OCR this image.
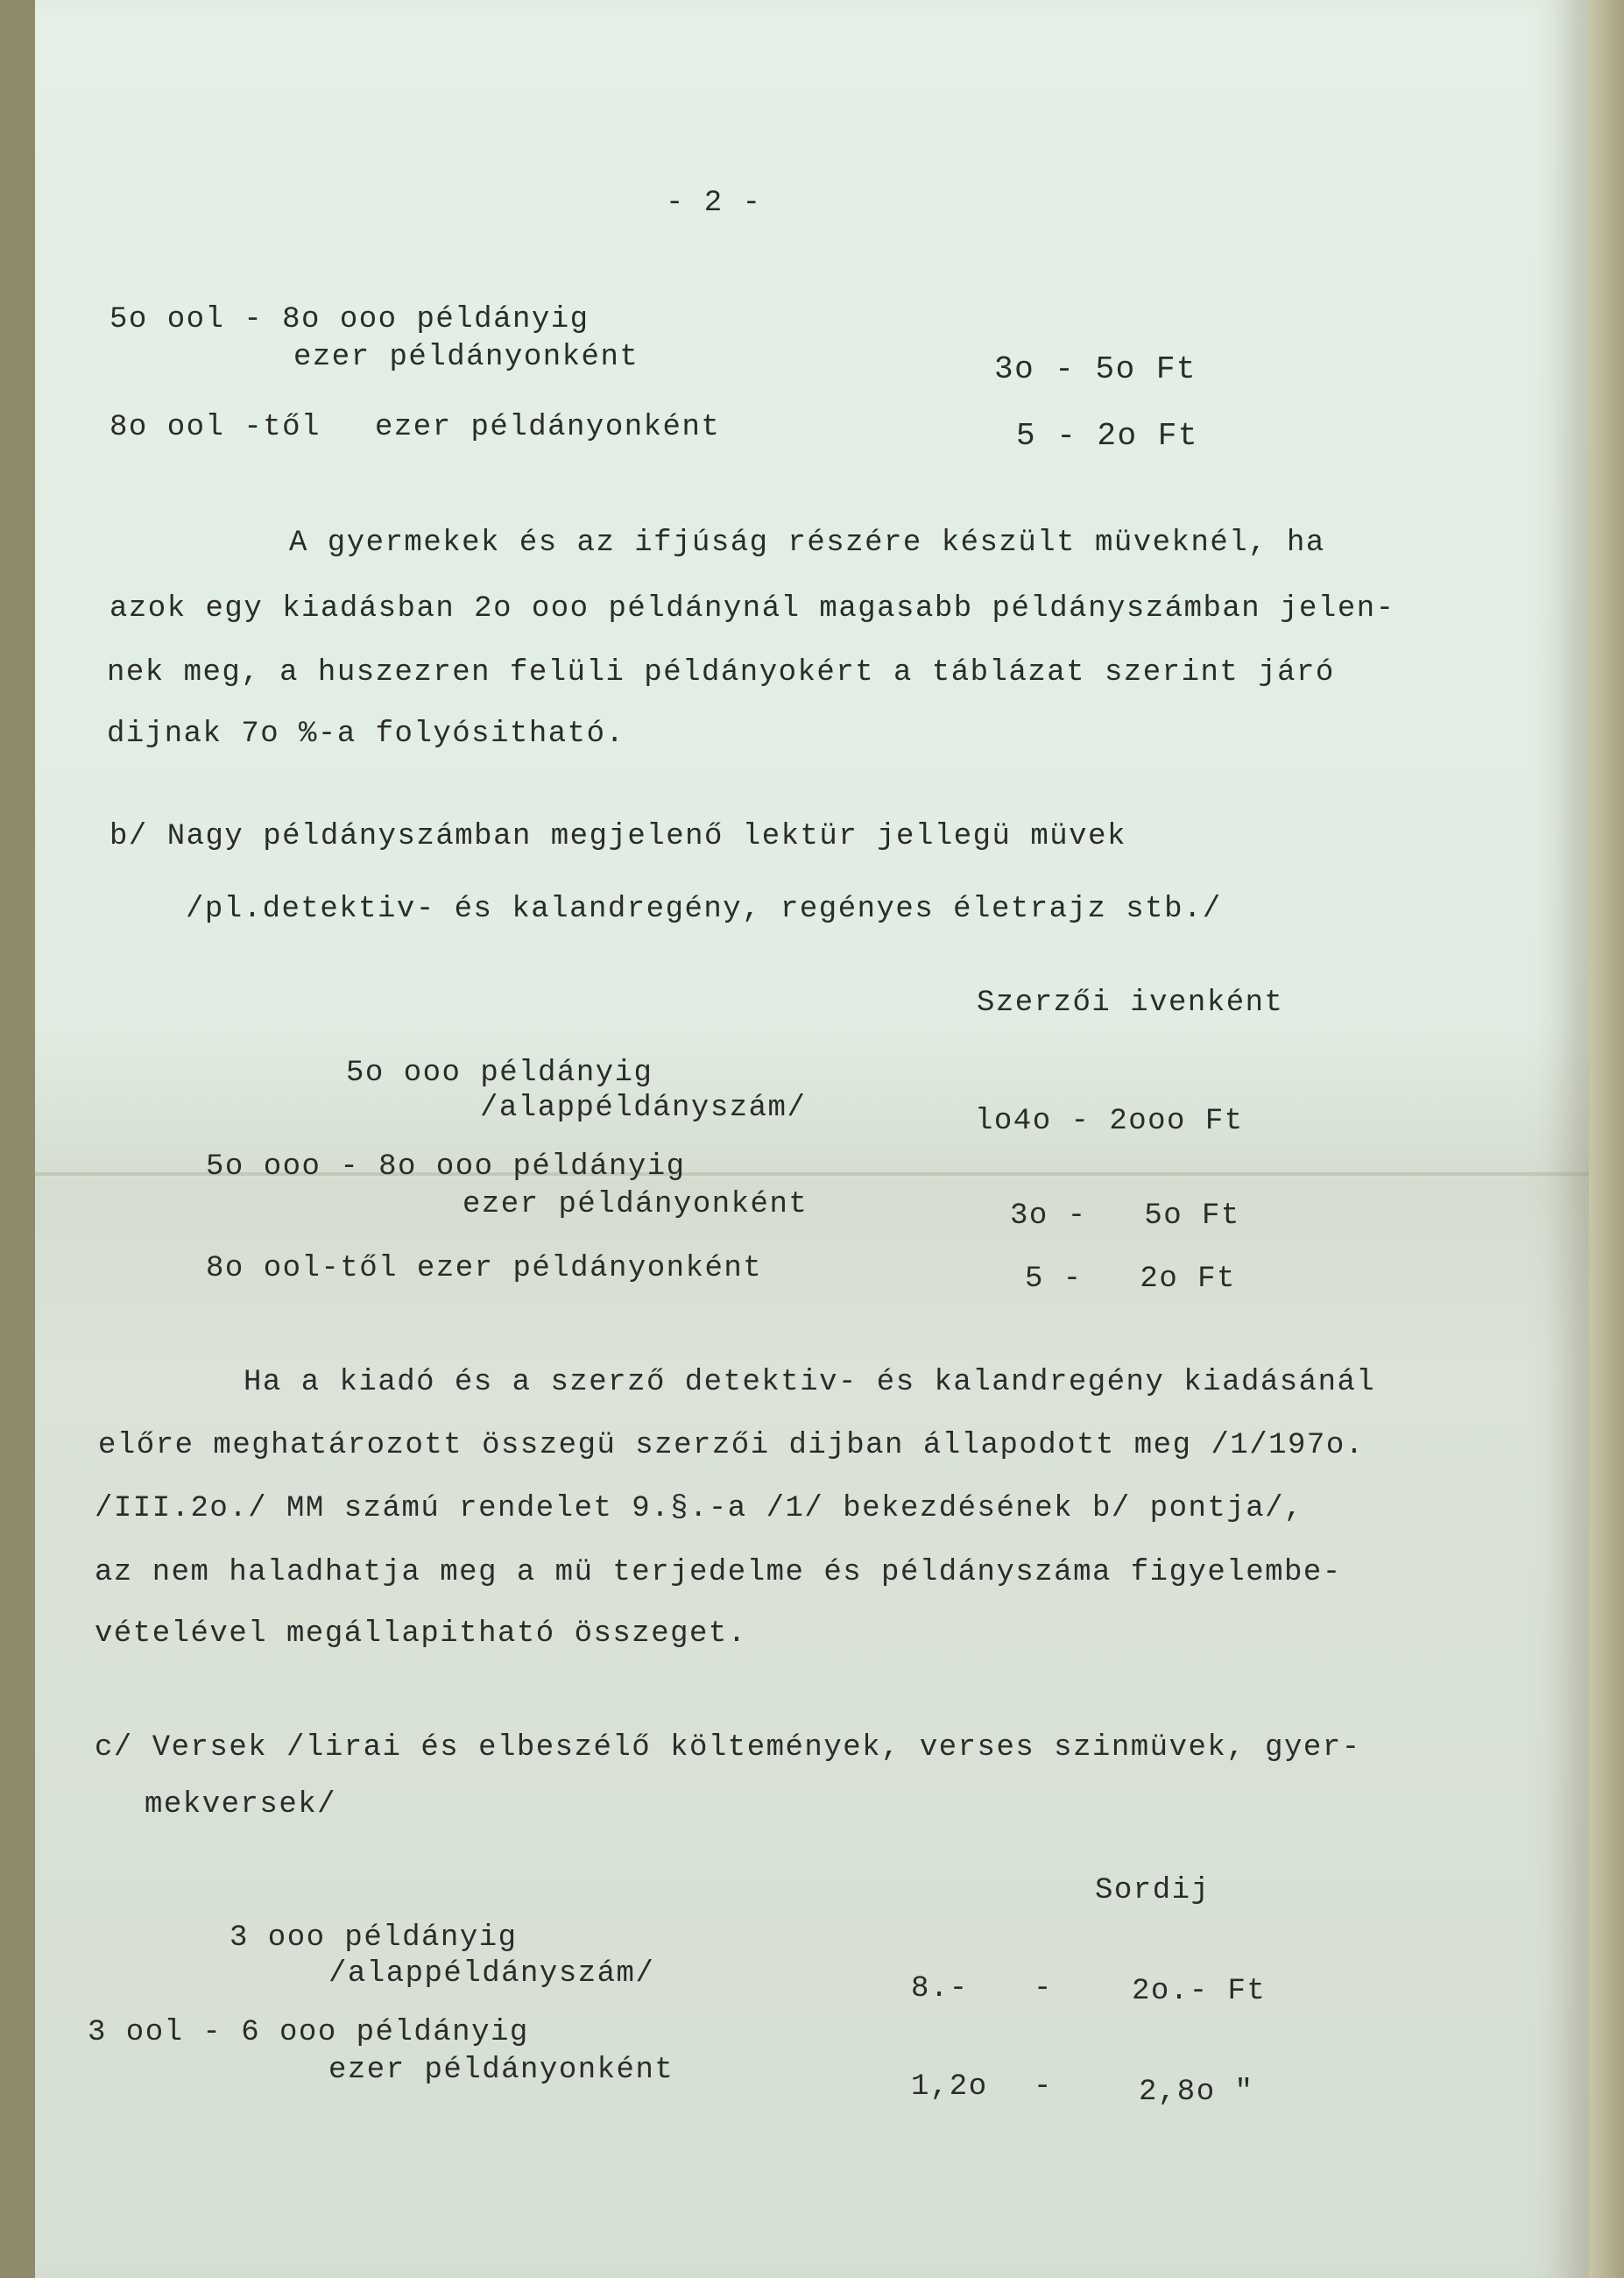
- 2 -
5o ool - 8o ooo példányig
ezer példányonként	3o - 5o Ft
8o ool -től ezer példányonként	5 - 2o Ft
A gyermekek és az ifjúság részére készült müveknél, ha
azok egy kiadásban 2o ooo példánynál magasabb példányszámban jelen-
nek meg, a huszezren felüli példányokért a táblázat szerint járó
dijnak 7o %-a folyósitható.
b/ Nagy példányszámban megjelenő lektür jellegü müvek
/pl.detektiv- és kalandregény, regényes életrajz stb./
Szerzői ivenként
5o ooo példányig
/alappéldányszám/	lo4o - 2ooo Ft
5o ooo - 8o ooo példányig
ezer példányonként	3o -   5o Ft
8o ool-től ezer példányonként	5 -   2o Ft
Ha a kiadó és a szerző detektiv- és kalandregény kiadásánál
előre meghatározott összegü szerzői dijban állapodott meg /1/197o.
/III.2o./ MM számú rendelet 9.§.-a /1/ bekezdésének b/ pontja/,
az nem haladhatja meg a mü terjedelme és példányszáma figyelembe-
vételével megállapitható összeget.
c/ Versek /lirai és elbeszélő költemények, verses szinmüvek, gyer-
mekversek/
Sordij
3 ooo példányig
/alappéldányszám/	8.- -	2o.- Ft
3 ool - 6 ooo példányig
ezer példányonként	1,2o -	2,8o "
